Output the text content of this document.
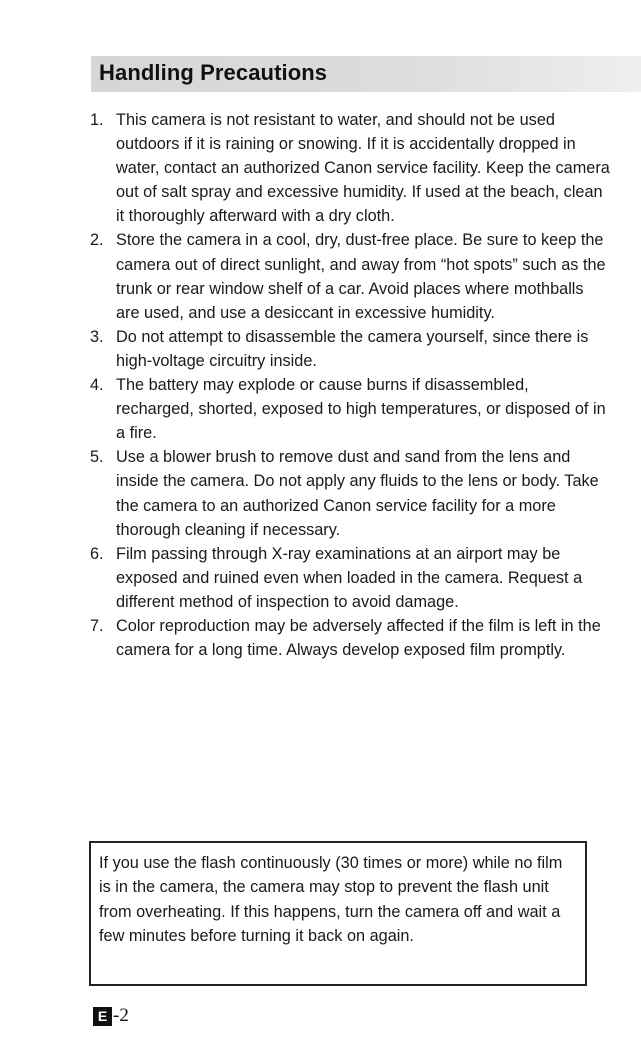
Handling Precautions
1. This camera is not resistant to water, and should not be used outdoors if it is raining or snowing. If it is accidentally dropped in water, contact an authorized Canon service facility. Keep the camera out of salt spray and excessive humidity. If used at the beach, clean it thoroughly afterward with a dry cloth.
2. Store the camera in a cool, dry, dust-free place. Be sure to keep the camera out of direct sunlight, and away from “hot spots” such as the trunk or rear window shelf of a car. Avoid places where mothballs are used, and use a desiccant in excessive humidity.
3. Do not attempt to disassemble the camera yourself, since there is high-voltage circuitry inside.
4. The battery may explode or cause burns if disassembled, recharged, shorted, exposed to high temperatures, or disposed of in a fire.
5. Use a blower brush to remove dust and sand from the lens and inside the camera. Do not apply any fluids to the lens or body. Take the camera to an authorized Canon service facility for a more thorough cleaning if necessary.
6. Film passing through X-ray examinations at an airport may be exposed and ruined even when loaded in the camera. Request a different method of inspection to avoid damage.
7. Color reproduction may be adversely affected if the film is left in the camera for a long time. Always develop exposed film promptly.
If you use the flash continuously (30 times or more) while no film is in the camera, the camera may stop to prevent the flash unit from overheating. If this happens, turn the camera off and wait a few minutes before turning it back on again.
E -2
